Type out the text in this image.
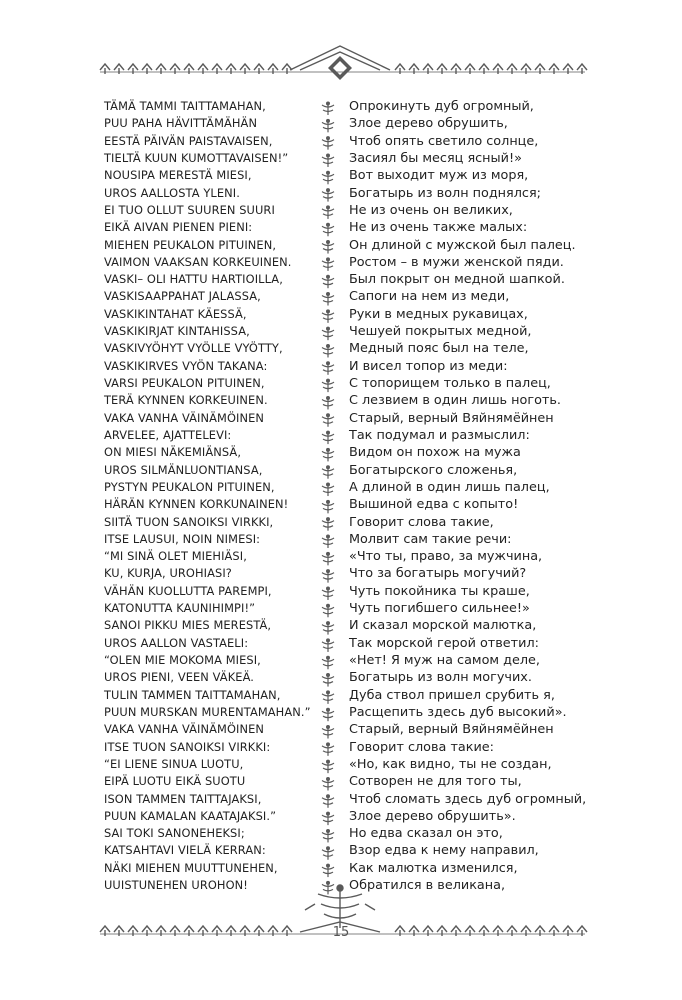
TÄMÄ TAMMI TAITTAMAHAN,
PUU PAHA HÄVITTÄMÄHÄN
EESTÄ PÄIVÄN PAISTAVAISEN,
TIELTÄ KUUN KUMOTTAVAISEN!”
NOUSIPA MERESTÄ MIESI,
UROS AALLOSTA YLENI.
EI TUO OLLUT SUUREN SUURI
EIKÄ AIVAN PIENEN PIENI:
MIEHEN PEUKALON PITUINEN,
VAIMON VAAKSAN KORKEUINEN.
VASKI– OLI HATTU HARTIOILLA,
VASKISAAPPAHAT JALASSA,
VASKIKINTAHAT KÄESSÄ,
VASKIKIRJAT KINTAHISSA,
VASKIVYÖHYT VYÖLLE VYÖTTY,
VASKIKIRVES VYÖN TAKANA:
VARSI PEUKALON PITUINEN,
TERÄ KYNNEN KORKEUINEN.
VAKA VANHA VÄINÄMÖINEN
ARVELEE, AJATTELEVI:
ON MIESI NÄKEMIÄNSÄ,
UROS SILMÄNLUONTIANSA,
PYSTYN PEUKALON PITUINEN,
HÄRÄN KYNNEN KORKUNAINEN!
SIITÄ TUON SANOIKSI VIRKKI,
ITSE LAUSUI, NOIN NIMESI:
“MI SINÄ OLET MIEHIÄSI,
KU, KURJA, UROHIASI?
VÄHÄN KUOLLUTTA PAREMPI,
KATONUTTA KAUNIHIMPI!”
SANOI PIKKU MIES MERESTÄ,
UROS AALLON VASTAELI:
“OLEN MIE MOKOMA MIESI,
UROS PIENI, VEEN VÄKEÄ.
TULIN TAMMEN TAITTAMAHAN,
PUUN MURSKAN MURENTAMAHAN.”
VAKA VANHA VÄINÄMÖINEN
ITSE TUON SANOIKSI VIRKKI:
“EI LIENE SINUA LUOTU,
EIPÄ LUOTU EIKÄ SUOTU
ISON TAMMEN TAITTAJAKSI,
PUUN KAMALAN KAATAJAKSI.”
SAI TOKI SANONEHEKSI;
KATSAHTAVI VIELÄ KERRAN:
NÄKI MIEHEN MUUTTUNEHEN,
UUISTUNEHEN UROHON!
Опрокинуть дуб огромный,
Злое дерево обрушить,
Чтоб опять светило солнце,
Засиял бы месяц ясный!»
Вот выходит муж из моря,
Богатырь из волн поднялся;
Не из очень он великих,
Не из очень также малых:
Он длиной с мужской был палец.
Ростом – в мужи женской пяди.
Был покрыт он медной шапкой.
Сапоги на нем из меди,
Руки в медных рукавицах,
Чешуей покрытых медной,
Медный пояс был на теле,
И висел топор из меди:
С топорищем только в палец,
С лезвием в один лишь ноготь.
Старый, верный Вяйнямёйнен
Так подумал и размыслил:
Видом он похож на мужа
Богатырского сложенья,
А длиной в один лишь палец,
Вышиной едва с копыто!
Говорит слова такие,
Молвит сам такие речи:
«Что ты, право, за мужчина,
Что за богатырь могучий?
Чуть покойника ты краше,
Чуть погибшего сильнее!»
И сказал морской малютка,
Так морской герой ответил:
«Нет! Я муж на самом деле,
Богатырь из волн могучих.
Дуба ствол пришел срубить я,
Расщепить здесь дуб высокий».
Старый, верный Вяйнямёйнен
Говорит слова такие:
«Но, как видно, ты не создан,
Сотворен не для того ты,
Чтоб сломать здесь дуб огромный,
Злое дерево обрушить».
Но едва сказал он это,
Взор едва к нему направил,
Как малютка изменился,
Обратился в великана,
15
